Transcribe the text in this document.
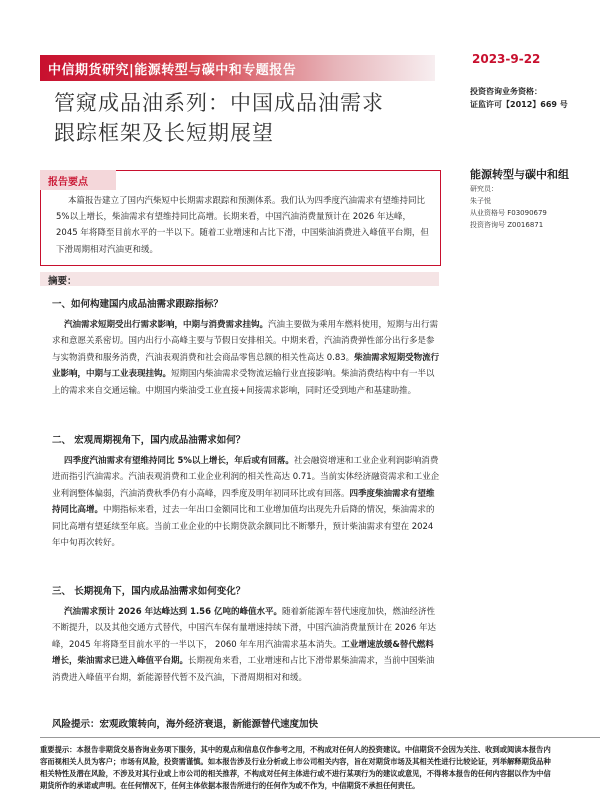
中信期货研究|能源转型与碳中和专题报告
2023-9-22
投资咨询业务资格：
证监许可【2012】669 号
管窥成品油系列：中国成品油需求
跟踪框架及长短期展望
能源转型与碳中和组
研究员：
朱子悦
从业资格号 F03090679
投资咨询号 Z0016871
报告要点
本篇报告建立了国内汽柴短中长期需求跟踪和预测体系。我们认为四季度汽油需求有望维持同比 5%以上增长，柴油需求有望维持同比高增。长期来看，中国汽油消费量预计在 2026 年达峰，2045 年将降至目前水平的一半以下。随着工业增速和占比下滑，中国柴油消费进入峰值平台期，但下滑周期相对汽油更和缓。
摘要：
一、如何构建国内成品油需求跟踪指标？
汽油需求短期受出行需求影响，中期与消费需求挂钩。汽油主要做为乘用车燃料使用，短期与出行需求和意愿关系密切。国内出行小高峰主要与节假日安排相关。中期来看，汽油消费弹性部分出行多是参与实物消费和服务消费，汽油表观消费和社会商品零售总额的相关性高达 0.83。柴油需求短期受物流行业影响，中期与工业表现挂钩。短期国内柴油需求受物流运输行业直接影响。柴油消费结构中有一半以上的需求来自交通运输。中期国内柴油受工业直接+间接需求影响，同时还受到地产和基建助推。
二、 宏观周期视角下，国内成品油需求如何？
四季度汽油需求有望维持同比 5%以上增长，年后或有回落。社会融资增速和工业企业利润影响消费进而指引汽油需求。汽油表观消费和工业企业利润的相关性高达 0.71。当前实体经济融资需求和工业企业利润整体偏弱，汽油消费秋季仍有小高峰，四季度及明年初同环比或有回落。四季度柴油需求有望维持同比高增。中期指标来看，过去一年出口金额同比和工业增加值均出现先升后降的情况，柴油需求的同比高增有望延续至年底。当前工业企业的中长期贷款余额同比不断攀升，预计柴油需求有望在 2024 年中旬再次转好。
三、 长期视角下，国内成品油需求如何变化？
汽油需求预计 2026 年达峰达到 1.56 亿吨的峰值水平。随着新能源车替代速度加快，燃油经济性不断提升，以及其他交通方式替代，中国汽车保有量增速持续下滑，中国汽油消费量预计在 2026 年达峰，2045 年将降至目前水平的一半以下， 2060 年车用汽油需求基本消失。工业增速放缓&替代燃料增长，柴油需求已进入峰值平台期。长期视角来看，工业增速和占比下滑带累柴油需求，当前中国柴油消费进入峰值平台期，新能源替代暂不及汽油，下滑周期相对和缓。
风险提示：宏观政策转向，海外经济衰退，新能源替代速度加快
重要提示：本报告非期货交易咨询业务项下服务，其中的观点和信息仅作参考之用，不构成对任何人的投资建议。中信期货不会因为关注、收到或阅读本报告内容而视相关人员为客户；市场有风险，投资需谨慎。如本报告涉及行业分析或上市公司相关内容，旨在对期货市场及其相关性进行比较论证，列举解释期货品种相关特性及潜在风险，不涉及对其行业或上市公司的相关推荐，不构成对任何主体进行或不进行某项行为的建议或意见，不得将本报告的任何内容据以作为中信期货所作的承诺或声明。在任何情况下，任何主体依据本报告所进行的任何作为或不作为，中信期货不承担任何责任。
